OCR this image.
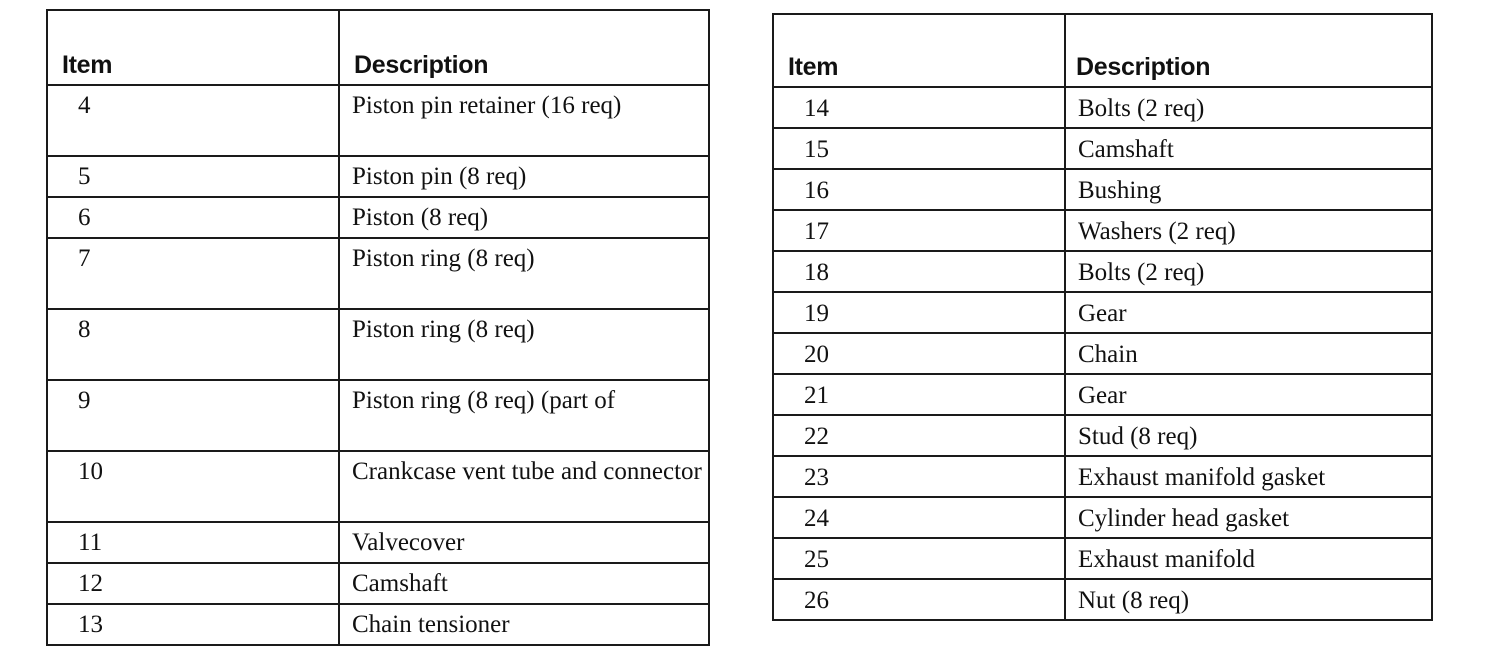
Item	Description
4	Piston pin retainer (16 req)
5	Piston pin (8 req)
6	Piston (8 req)
7	Piston ring (8 req)
8	Piston ring (8 req)
9	Piston ring (8 req) (part of
10	Crankcase vent tube and connector
11	Valvecover
12	Camshaft
13	Chain tensioner
Item	Description
14	Bolts (2 req)
15	Camshaft
16	Bushing
17	Washers (2 req)
18	Bolts (2 req)
19	Gear
20	Chain
21	Gear
22	Stud (8 req)
23	Exhaust manifold gasket
24	Cylinder head gasket
25	Exhaust manifold
26	Nut (8 req)
